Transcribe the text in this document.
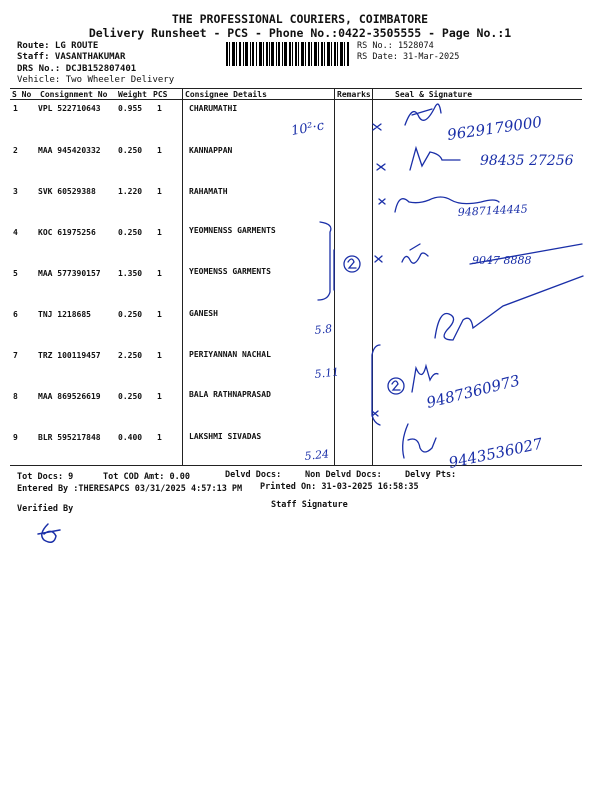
THE PROFESSIONAL COURIERS, COIMBATORE
Delivery Runsheet - PCS - Phone No.:0422-3505555 - Page No.:1
Route: LG ROUTE
Staff: VASANTHAKUMAR
DRS No.: DCJB152807401
Vehicle: Two Wheeler Delivery
RS No.: 1528074
RS Date: 31-Mar-2025
S No Consignment No Weight PCS Consignee Details	Remarks	Seal & Signature
1	VPL 522710643 0.955 1	CHARUMATHI
2	MAA 945420332 0.250 1	KANNAPPAN
3	SVK 60529388	1.220 1	RAHAMATH
4	KOC 61975256	0.250 1	YEOMNENSS GARMENTS
5	MAA 577390157 1.350 1	YEOMENSS GARMENTS
6	TNJ 1218685	0.250 1	GANESH
7	TRZ 100119457 2.250 1	PERIYANNAN NACHAL
8	MAA 869526619 0.250 1	BALA RATHNAPRASAD
9	BLR 595217848 0.400 1	LAKSHMI SIVADAS
10²·c	9629179000
98435 27256
9487144445
9047 8888
5.8
5.11	9487360973
5.24	9443536027
Tot Docs: 9	Tot COD Amt: 0.00	Delvd Docs:	Non Delvd Docs:	Delvy Pts:
Entered By :THERESAPCS 03/31/2025 4:57:13 PM Printed On: 31-03-2025 16:58:35
Verified By	Staff Signature
